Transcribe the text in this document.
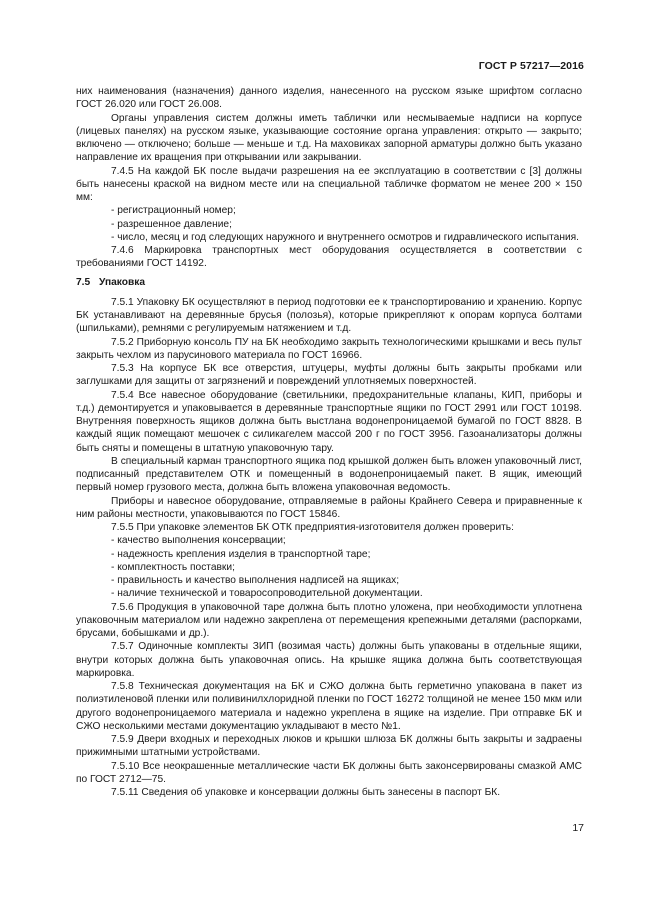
ГОСТ Р 57217—2016

них наименования (назначения) данного изделия, нанесенного на русском языке шрифтом согласно ГОСТ 26.020 или ГОСТ 26.008.

Органы управления систем должны иметь таблички или несмываемые надписи на корпусе (лицевых панелях) на русском языке, указывающие состояние органа управления: открыто — закрыто; включено — отключено; больше — меньше и т.д. На маховиках запорной арматуры должно быть указано направление их вращения при открывании или закрывании.

7.4.5 На каждой БК после выдачи разрешения на ее эксплуатацию в соответствии с [3] должны быть нанесены краской на видном месте или на специальной табличке форматом не менее 200 × 150 мм:

- регистрационный номер;

- разрешенное давление;

- число, месяц и год следующих наружного и внутреннего осмотров и гидравлического испытания.

7.4.6 Маркировка транспортных мест оборудования осуществляется в соответствии с требованиями ГОСТ 14192.

7.5 Упаковка

7.5.1 Упаковку БК осуществляют в период подготовки ее к транспортированию и хранению. Корпус БК устанавливают на деревянные брусья (полозья), которые прикрепляют к опорам корпуса болтами (шпильками), ремнями с регулируемым натяжением и т.д.

7.5.2 Приборную консоль ПУ на БК необходимо закрыть технологическими крышками и весь пульт закрыть чехлом из парусинового материала по ГОСТ 16966.

7.5.3 На корпусе БК все отверстия, штуцеры, муфты должны быть закрыты пробками или заглушками для защиты от загрязнений и повреждений уплотняемых поверхностей.

7.5.4 Все навесное оборудование (светильники, предохранительные клапаны, КИП, приборы и т.д.) демонтируется и упаковывается в деревянные транспортные ящики по ГОСТ 2991 или ГОСТ 10198. Внутренняя поверхность ящиков должна быть выстлана водонепроницаемой бумагой по ГОСТ 8828. В каждый ящик помещают мешочек с силикагелем массой 200 г по ГОСТ 3956. Газоанализаторы должны быть сняты и помещены в штатную упаковочную тару.

В специальный карман транспортного ящика под крышкой должен быть вложен упаковочный лист, подписанный представителем ОТК и помещенный в водонепроницаемый пакет. В ящик, имеющий первый номер грузового места, должна быть вложена упаковочная ведомость.

Приборы и навесное оборудование, отправляемые в районы Крайнего Севера и приравненные к ним районы местности, упаковываются по ГОСТ 15846.

7.5.5 При упаковке элементов БК ОТК предприятия-изготовителя должен проверить:

- качество выполнения консервации;

- надежность крепления изделия в транспортной таре;

- комплектность поставки;

- правильность и качество выполнения надписей на ящиках;

- наличие технической и товаросопроводительной документации.

7.5.6 Продукция в упаковочной таре должна быть плотно уложена, при необходимости уплотнена упаковочным материалом или надежно закреплена от перемещения крепежными деталями (распорками, брусами, бобышками и др.).

7.5.7 Одиночные комплекты ЗИП (возимая часть) должны быть упакованы в отдельные ящики, внутри которых должна быть упаковочная опись. На крышке ящика должна быть соответствующая маркировка.

7.5.8 Техническая документация на БК и СЖО должна быть герметично упакована в пакет из полиэтиленовой пленки или поливинилхлоридной пленки по ГОСТ 16272 толщиной не менее 150 мкм или другого водонепроницаемого материала и надежно укреплена в ящике на изделие. При отправке БК и СЖО несколькими местами документацию укладывают в место №1.

7.5.9 Двери входных и переходных люков и крышки шлюза БК должны быть закрыты и задраены прижимными штатными устройствами.

7.5.10 Все неокрашенные металлические части БК должны быть законсервированы смазкой АМС по ГОСТ 2712—75.

7.5.11 Сведения об упаковке и консервации должны быть занесены в паспорт БК.

17
